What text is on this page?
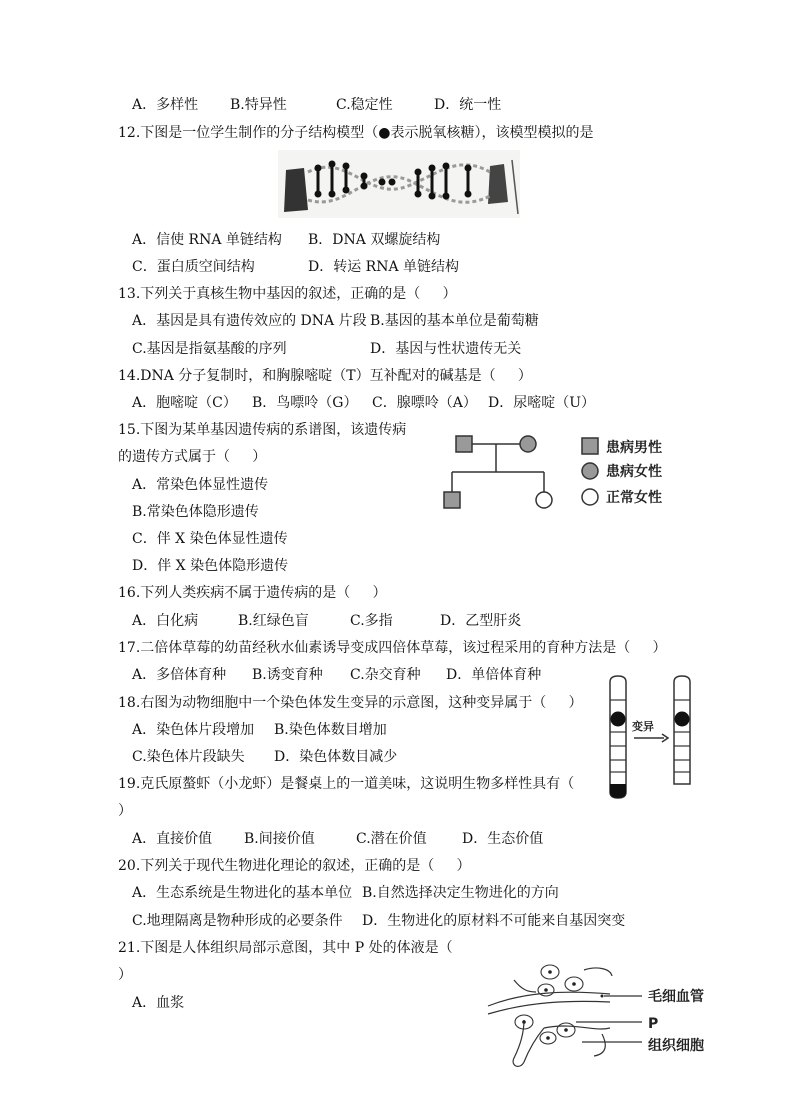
A．多样性 B.特异性	C.稳定性	D．统一性
12.下图是一位学生制作的分子结构模型（●表示脱氧核糖），该模型模拟的是
A．信使 RNA 单链结构 B．DNA 双螺旋结构
C．蛋白质空间结构	D．转运 RNA 单链结构
13.下列关于真核生物中基因的叙述，正确的是（     ）
A．基因是具有遗传效应的 DNA 片段 B.基因的基本单位是葡萄糖
C.基因是指氨基酸的序列	D．基因与性状遗传无关
14.DNA 分子复制时，和胸腺嘧啶（T）互补配对的碱基是（     ）
A．胞嘧啶（C） B．鸟嘌呤（G） C．腺嘌呤（A） D．尿嘧啶（U）
15.下图为某单基因遗传病的系谱图，该遗传病
的遗传方式属于（     ）
A．常染色体显性遗传
B.常染色体隐形遗传
C．伴 X 染色体显性遗传
D．伴 X 染色体隐形遗传
患病男性
患病女性
正常女性
16.下列人类疾病不属于遗传病的是（     ）
A．白化病	B.红绿色盲	C.多指	D．乙型肝炎
17.二倍体草莓的幼苗经秋水仙素诱导变成四倍体草莓，该过程采用的育种方法是（     ）
A．多倍体育种 B.诱变育种 C.杂交育种 D．单倍体育种
18.右图为动物细胞中一个染色体发生变异的示意图，这种变异属于（     ）
A．染色体片段增加 B.染色体数目增加
C.染色体片段缺失 D．染色体数目减少
变异
19.克氏原螯虾（小龙虾）是餐桌上的一道美味，这说明生物多样性具有（
）
A．直接价值 B.间接价值	C.潜在价值	D．生态价值
20.下列关于现代生物进化理论的叙述，正确的是（     ）
A．生态系统是生物进化的基本单位 B.自然选择决定生物进化的方向
C.地理隔离是物种形成的必要条件 D．生物进化的原材料不可能来自基因突变
21.下图是人体组织局部示意图，其中 P 处的体液是（
）
A．血浆	毛细血管
P
组织细胞
